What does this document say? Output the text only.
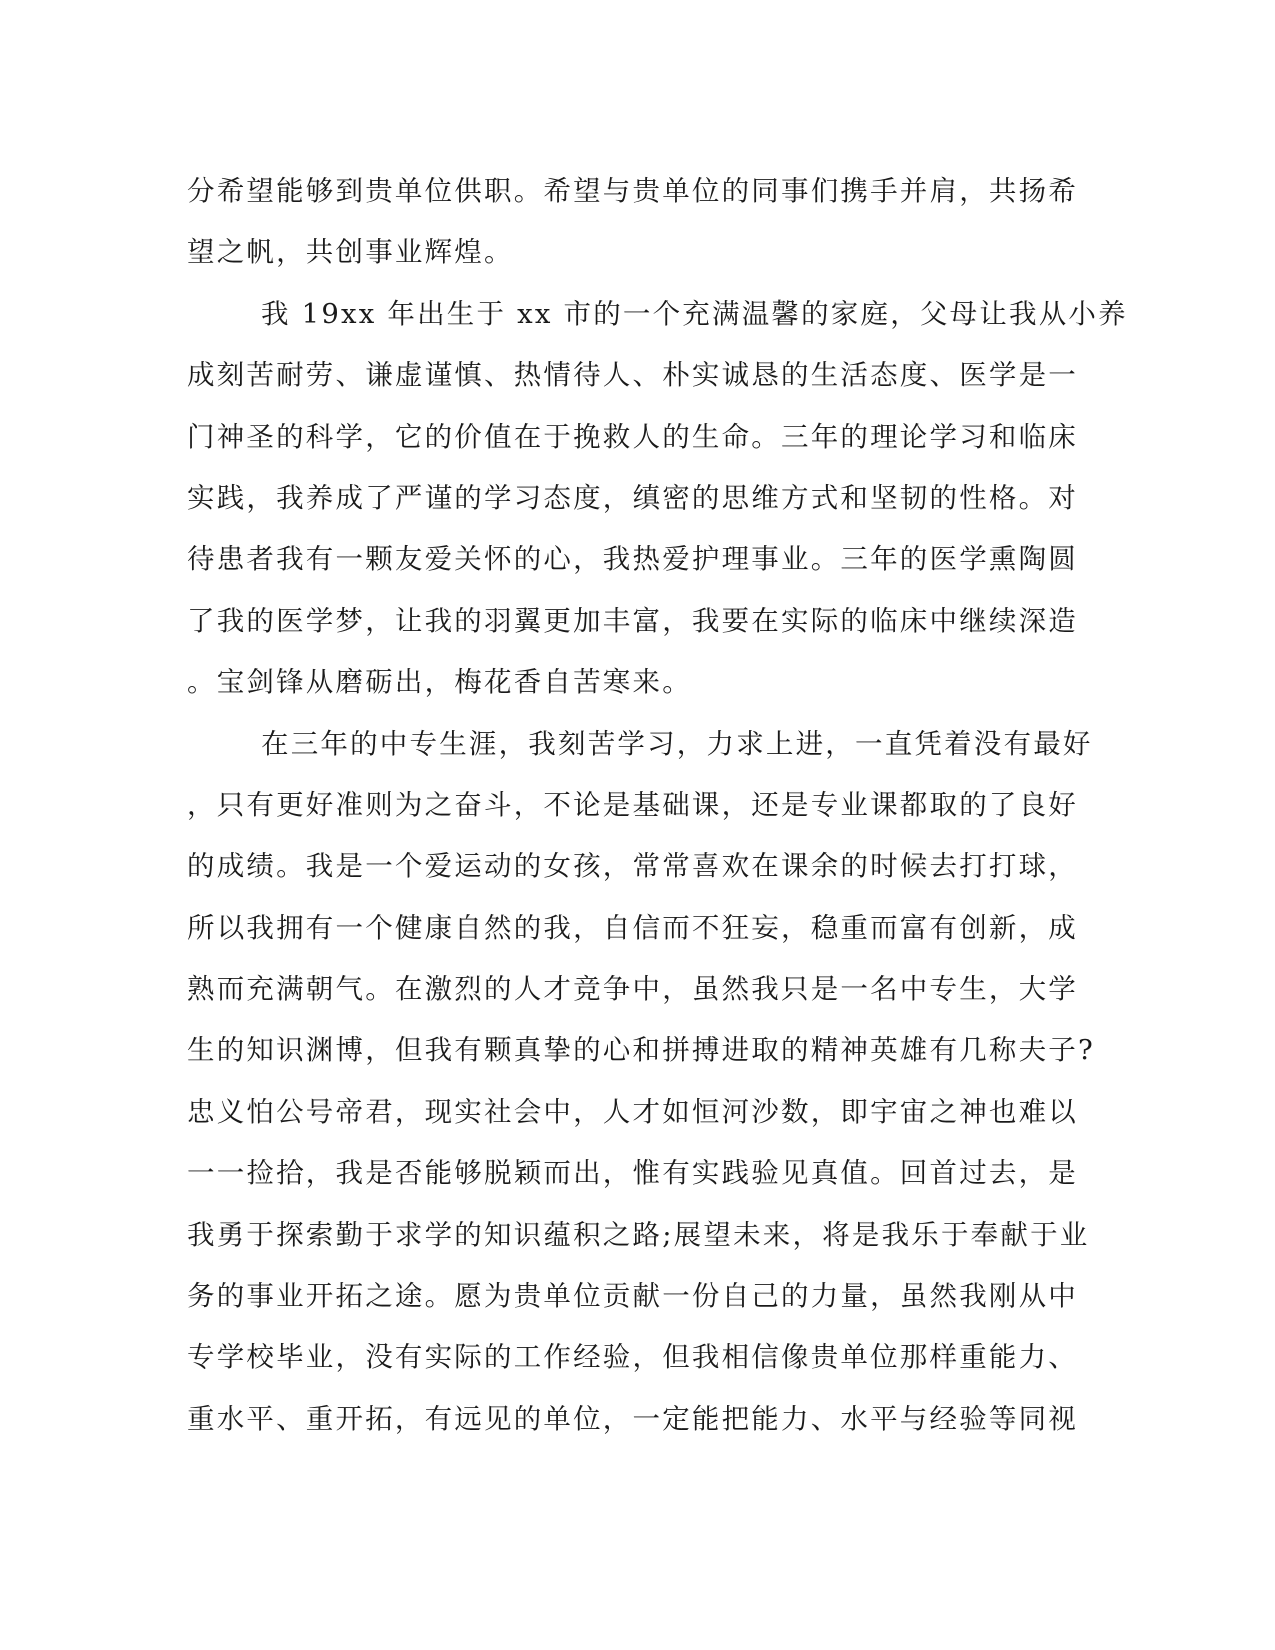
分希望能够到贵单位供职。希望与贵单位的同事们携手并肩，共扬希
望之帆，共创事业辉煌。
我 19xx 年出生于 xx 市的一个充满温馨的家庭，父母让我从小养
成刻苦耐劳、谦虚谨慎、热情待人、朴实诚恳的生活态度、医学是一
门神圣的科学，它的价值在于挽救人的生命。三年的理论学习和临床
实践，我养成了严谨的学习态度，缜密的思维方式和坚韧的性格。对
待患者我有一颗友爱关怀的心，我热爱护理事业。三年的医学熏陶圆
了我的医学梦，让我的羽翼更加丰富，我要在实际的临床中继续深造
。宝剑锋从磨砺出，梅花香自苦寒来。
在三年的中专生涯，我刻苦学习，力求上进，一直凭着没有最好
，只有更好准则为之奋斗，不论是基础课，还是专业课都取的了良好
的成绩。我是一个爱运动的女孩，常常喜欢在课余的时候去打打球，
所以我拥有一个健康自然的我，自信而不狂妄，稳重而富有创新，成
熟而充满朝气。在激烈的人才竞争中，虽然我只是一名中专生，大学
生的知识渊博，但我有颗真挚的心和拼搏进取的精神英雄有几称夫子?
忠义怕公号帝君，现实社会中，人才如恒河沙数，即宇宙之神也难以
一一捡拾，我是否能够脱颖而出，惟有实践验见真值。回首过去，是
我勇于探索勤于求学的知识蕴积之路;展望未来，将是我乐于奉献于业
务的事业开拓之途。愿为贵单位贡献一份自己的力量，虽然我刚从中
专学校毕业，没有实际的工作经验，但我相信像贵单位那样重能力、
重水平、重开拓，有远见的单位，一定能把能力、水平与经验等同视
